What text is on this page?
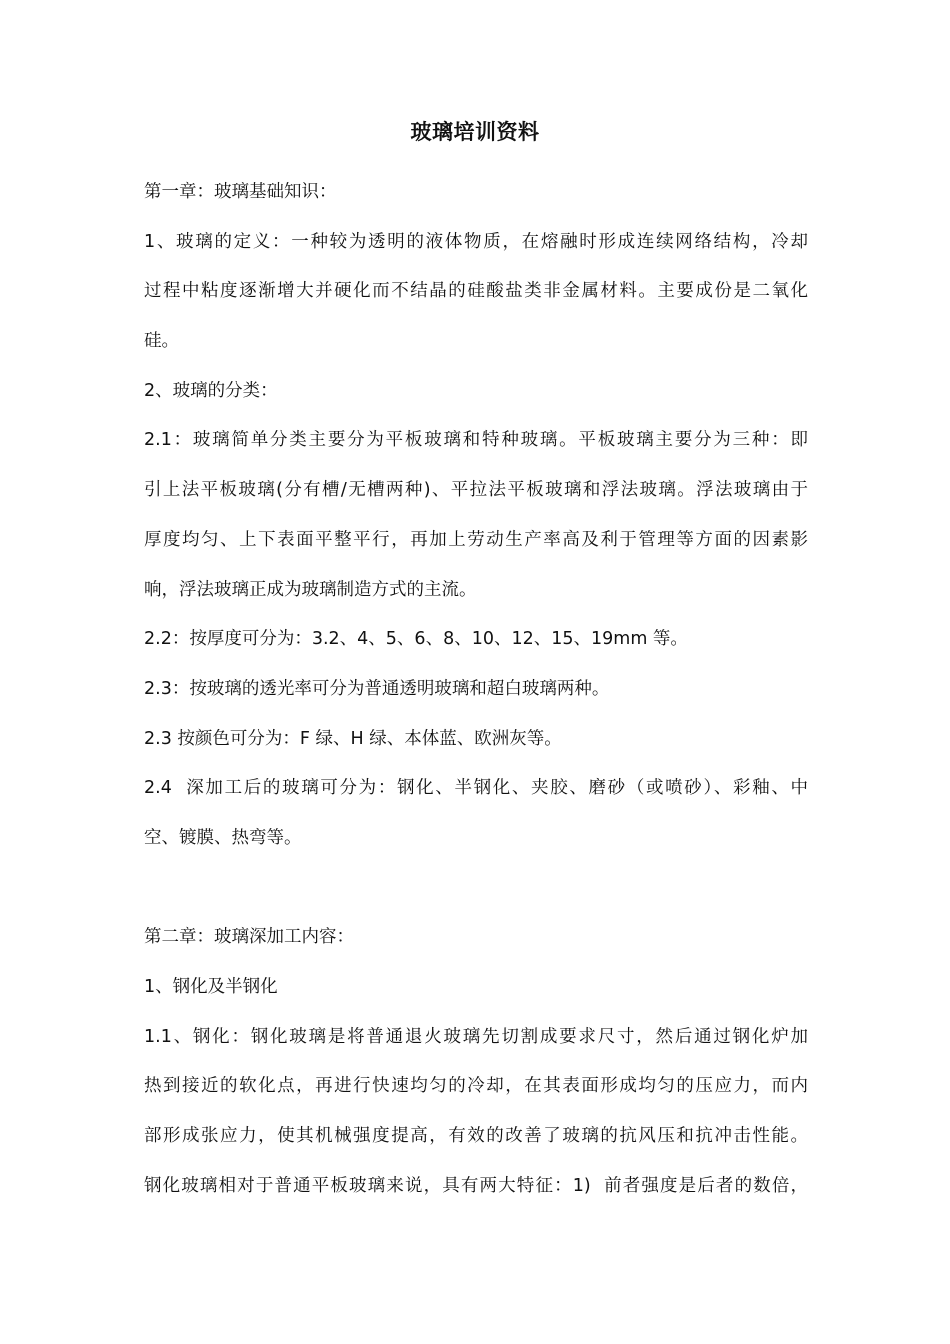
玻璃培训资料
第一章：玻璃基础知识：
1、玻璃的定义：一种较为透明的液体物质，在熔融时形成连续网络结构，冷却
过程中粘度逐渐增大并硬化而不结晶的硅酸盐类非金属材料。主要成份是二氧化
硅。
2、玻璃的分类：
2.1：玻璃简单分类主要分为平板玻璃和特种玻璃。平板玻璃主要分为三种：即
引上法平板玻璃(分有槽/无槽两种)、平拉法平板玻璃和浮法玻璃。浮法玻璃由于
厚度均匀、上下表面平整平行，再加上劳动生产率高及利于管理等方面的因素影
响，浮法玻璃正成为玻璃制造方式的主流。
2.2：按厚度可分为：3.2、4、5、6、8、10、12、15、19mm 等。
2.3：按玻璃的透光率可分为普通透明玻璃和超白玻璃两种。
2.3 按颜色可分为：F 绿、H 绿、本体蓝、欧洲灰等。
2.4  深加工后的玻璃可分为：钢化、半钢化、夹胶、磨砂（或喷砂）、彩釉、中
空、镀膜、热弯等。
第二章：玻璃深加工内容：
1、钢化及半钢化
1.1、钢化：钢化玻璃是将普通退火玻璃先切割成要求尺寸，然后通过钢化炉加
热到接近的软化点，再进行快速均匀的冷却，在其表面形成均匀的压应力，而内
部形成张应力，使其机械强度提高，有效的改善了玻璃的抗风压和抗冲击性能。
钢化玻璃相对于普通平板玻璃来说，具有两大特征：1)  前者强度是后者的数倍，
